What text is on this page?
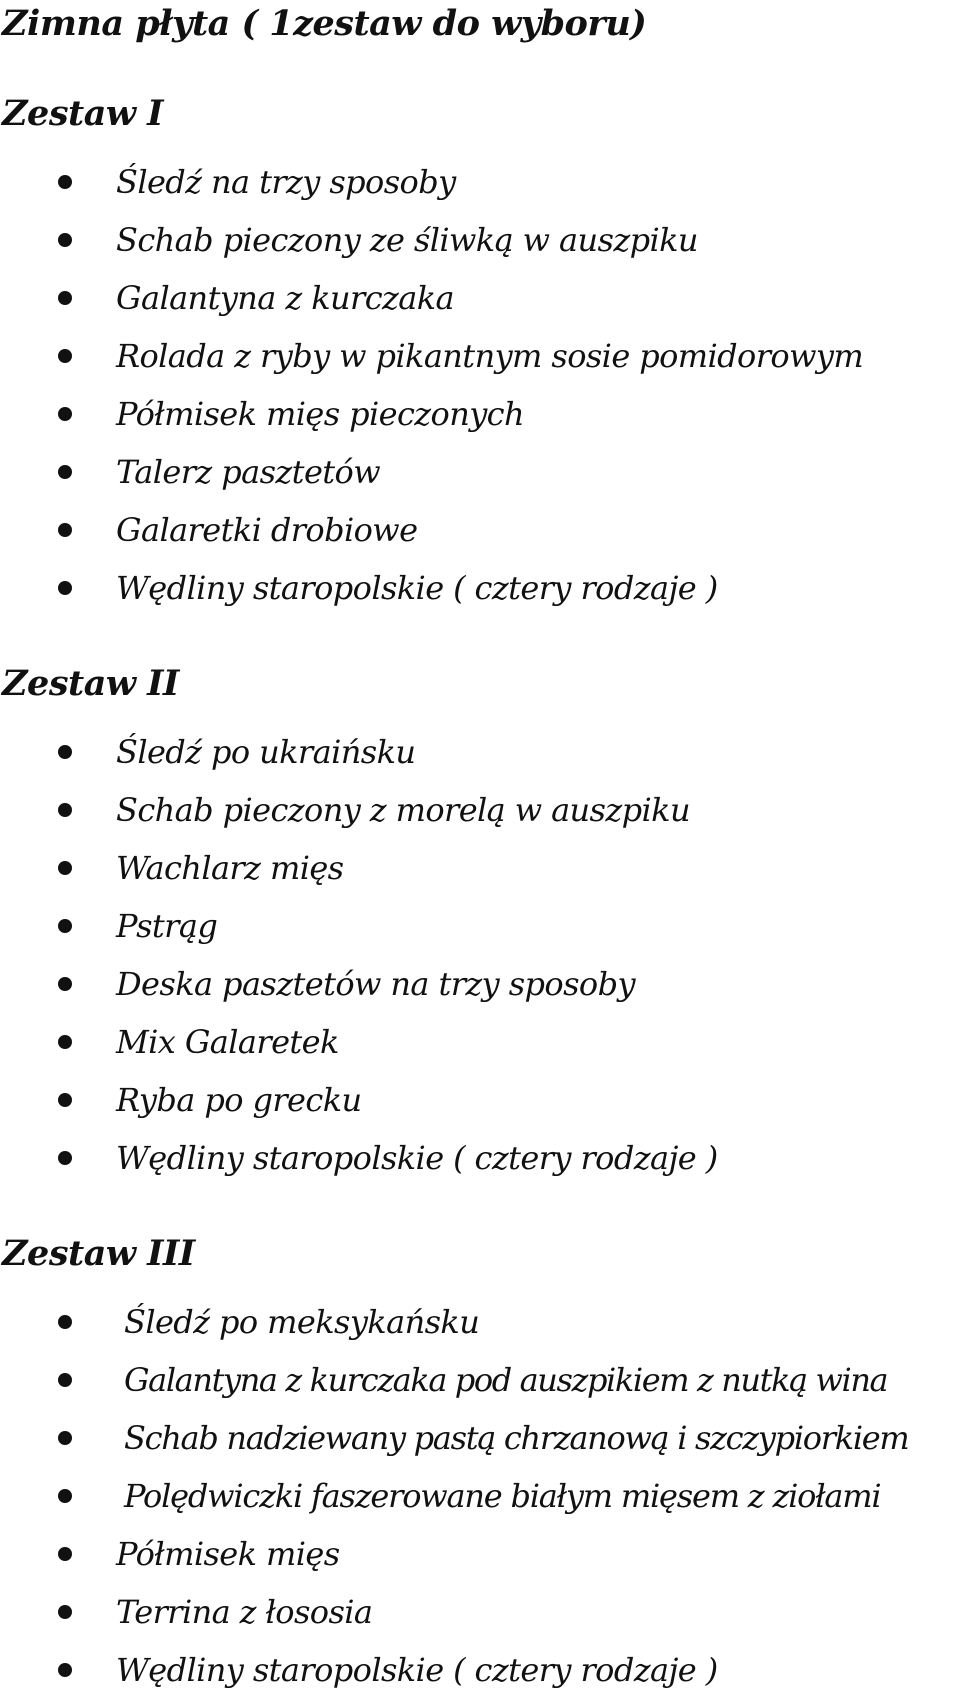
Zimna płyta ( 1zestaw do wyboru)
Zestaw I
Śledź na trzy sposoby
Schab pieczony ze śliwką w auszpiku
Galantyna z kurczaka
Rolada z ryby w pikantnym sosie pomidorowym
Półmisek mięs pieczonych
Talerz pasztetów
Galaretki drobiowe
Wędliny staropolskie ( cztery rodzaje )
Zestaw II
Śledź po ukraińsku
Schab pieczony z morelą w auszpiku
Wachlarz mięs
Pstrąg
Deska pasztetów na trzy sposoby
Mix Galaretek
Ryba po grecku
Wędliny staropolskie ( cztery rodzaje )
Zestaw III
Śledź po meksykańsku
Galantyna z kurczaka pod auszpikiem z nutką wina
Schab nadziewany pastą chrzanową i szczypiorkiem
Polędwiczki faszerowane białym mięsem z ziołami
Półmisek mięs
Terrina z łososia
Wędliny staropolskie ( cztery rodzaje )
